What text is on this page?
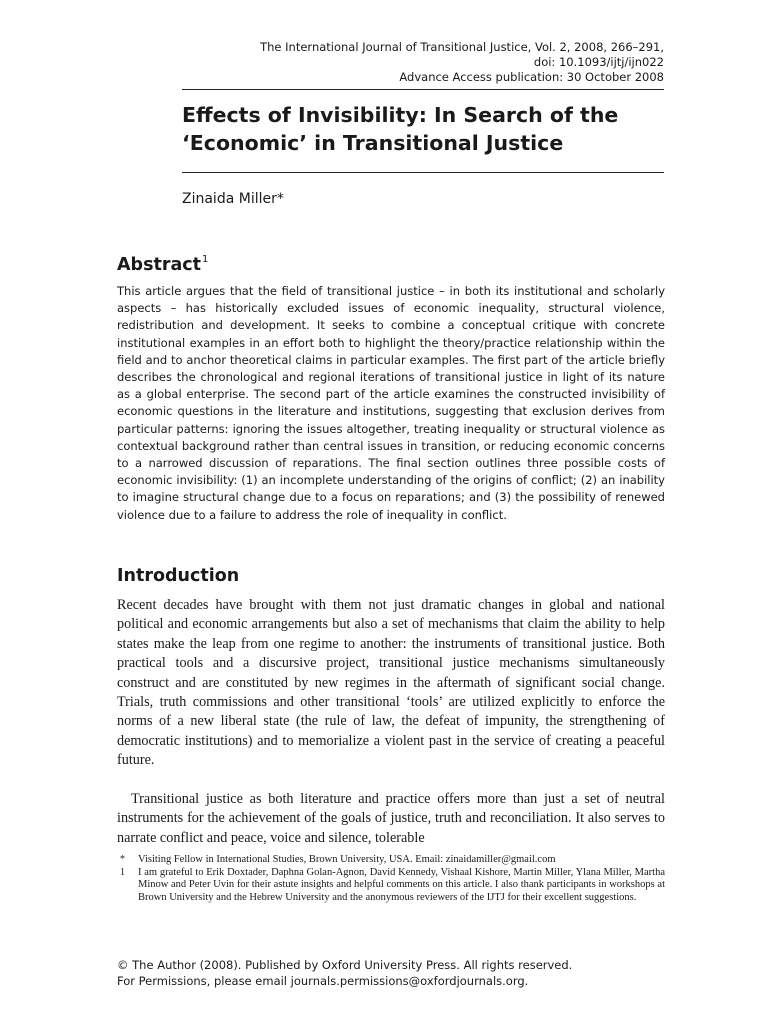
The International Journal of Transitional Justice, Vol. 2, 2008, 266–291,
doi: 10.1093/ijtj/ijn022
Advance Access publication: 30 October 2008
Effects of Invisibility: In Search of the
‘Economic’ in Transitional Justice

Zinaida Miller*

Abstract$^1$

This article argues that the field of transitional justice – in both its institutional and scholarly aspects – has historically excluded issues of economic inequality, structural violence, redistribution and development. It seeks to combine a conceptual critique with concrete institutional examples in an effort both to highlight the theory/practice relationship within the field and to anchor theoretical claims in particular examples. The first part of the article briefly describes the chronological and regional iterations of transitional justice in light of its nature as a global enterprise. The second part of the article examines the constructed invisibility of economic questions in the literature and institutions, suggesting that exclusion derives from particular patterns: ignoring the issues altogether, treating inequality or structural violence as contextual background rather than central issues in transition, or reducing economic concerns to a narrowed discussion of reparations. The final section outlines three possible costs of economic invisibility: (1) an incomplete understanding of the origins of conflict; (2) an inability to imagine structural change due to a focus on reparations; and (3) the possibility of renewed violence due to a failure to address the role of inequality in conflict.

Introduction

Recent decades have brought with them not just dramatic changes in global and national political and economic arrangements but also a set of mechanisms that claim the ability to help states make the leap from one regime to another: the instruments of transitional justice. Both practical tools and a discursive project, transitional justice mechanisms simultaneously construct and are constituted by new regimes in the aftermath of significant social change. Trials, truth commissions and other transitional ‘tools’ are utilized explicitly to enforce the norms of a new liberal state (the rule of law, the defeat of impunity, the strengthening of democratic institutions) and to memorialize a violent past in the service of creating a peaceful future.

Transitional justice as both literature and practice offers more than just a set of neutral instruments for the achievement of the goals of justice, truth and reconciliation. It also serves to narrate conflict and peace, voice and silence, tolerable

* Visiting Fellow in International Studies, Brown University, USA. Email: zinaidamiller@gmail.com
1 I am grateful to Erik Doxtader, Daphna Golan-Agnon, David Kennedy, Vishaal Kishore, Martin Miller, Ylana Miller, Martha Minow and Peter Uvin for their astute insights and helpful comments on this article. I also thank participants in workshops at Brown University and the Hebrew University and the anonymous reviewers of the IJTJ for their excellent suggestions.
© The Author (2008). Published by Oxford University Press. All rights reserved.
For Permissions, please email journals.permissions@oxfordjournals.org.
